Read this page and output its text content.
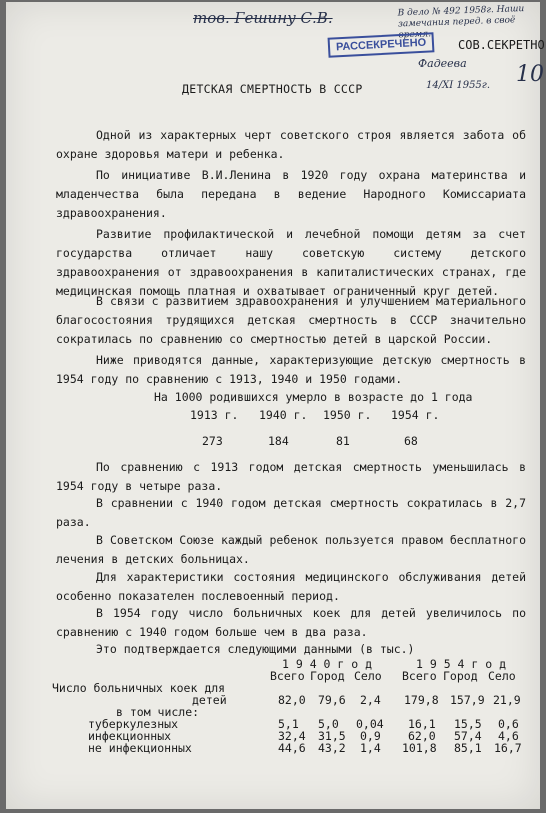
тов. Гешину С.В.	В дело № 492 1958г. Наши замечания перед. в своё время.
РАССЕКРЕЧЕНО	СОВ.СЕКРЕТНО
Фадеева
14/XI 1955г. 10
ДЕТСКАЯ СМЕРТНОСТЬ В СССР

Одной из характерных черт советского строя является забота об охране здоровья матери и ребенка.

По инициативе В.И.Ленина в 1920 году охрана материнства и младенчества была передана в ведение Народного Комиссариата здравоохранения.

Развитие профилактической и лечебной помощи детям за счет государства отличает нашу советскую систему детского здравоохранения от здравоохранения в капиталистических странах, где медицинская помощь платная и охватывает ограниченный круг детей.

В связи с развитием здравоохранения и улучшением материального благосостояния трудящихся детская смертность в СССР значительно сократилась по сравнению со смертностью детей в царской России.

Ниже приводятся данные, характеризующие детскую смертность в 1954 году по сравнению с 1913, 1940 и 1950 годами.

На 1000 родившихся умерло в возрасте до 1 года
1913 г. 1940 г. 1950 г. 1954 г.
273	184	81	68

По сравнению с 1913 годом детская смертность уменьшилась в 1954 году в четыре раза.

В сравнении с 1940 годом детская смертность сократилась в 2,7 раза.

В Советском Союзе каждый ребенок пользуется правом бесплатного лечения в детских больницах.

Для характеристики состояния медицинского обслуживания детей особенно показателен послевоенный период.

В 1954 году число больничных коек для детей увеличилось по сравнению с 1940 годом больше чем в два раза.

Это подтверждается следующими данными (в тыс.)

1 9 4 0 г о д	1 9 5 4 г о д
Всего Город Село Всего Город Село
Число больничных коек для
детей	82,0 79,6 2,4 179,8 157,9 21,9
в том числе:
туберкулезных	5,1 5,0 0,04 16,1 15,5 0,6
инфекционных	32,4 31,5 0,9 62,0 57,4 4,6
не инфекционных	44,6 43,2 1,4 101,8 85,1 16,7
